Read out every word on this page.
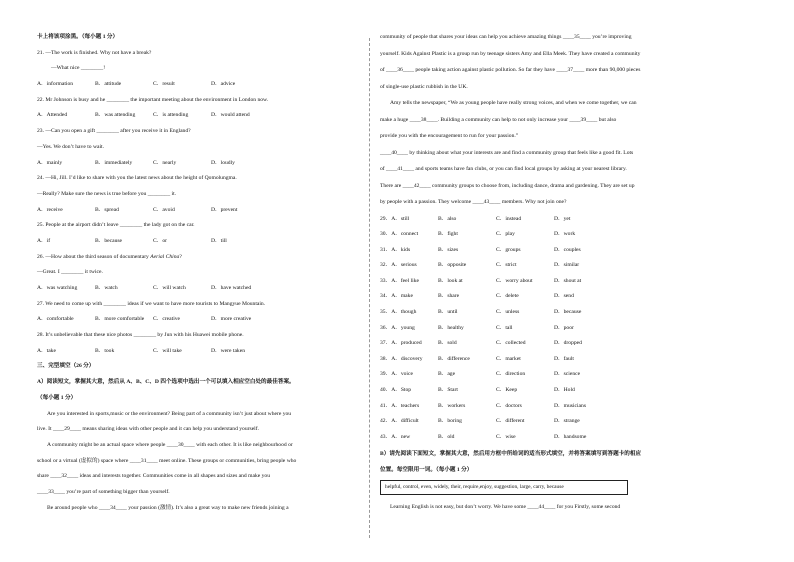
卡上将该项涂黑。（每小题 1 分）
21. —The work is finished. Why not have a break?
—What nice ________!
A．information	B．attitude	C．result	D．advice
22. Mr Johnson is busy and he ________ the important meeting about the environment in London now.
A．Attended	B．was attending	C．is attending	D．would attend
23. —Can you open a gift ________ after you receive it in England?
—Yes. We don’t have to wait.
A．mainly	B．immediately	C．nearly	D．loudly
24. —Hi, Jill. I’d like to share with you the latest news about the height of Qomolungma.
—Really? Make sure the news is true before you ________ it.
A．receive	B．spread	C．avoid	D．prevent
25. People at the airport didn’t leave ________ the lady got on the car.
A．if	B．because	C．or	D．till
26. —How about the third season of documentary Aerial China?
—Great. I ________ it twice.
A．was watching	B．watch	C．will watch	D．have watched
27. We need to come up with ________ ideas if we want to have more tourists to Mangyue Mountain.
A．comfortable	B．more comfortable	C．creative	D．more creative
28. It’s unbelievable that these nice photos ________ by Jun with his Huawei mobile phone.
A．take	B．took	C．will take	D．were taken
三、完型填空（26 分）
A）阅读短文，掌握其大意，然后从 A、B、C、D 四个选项中选出一个可以填入相应空白处的最佳答案。
（每小题 1 分）
Are you interested in sports,music or the environment? Being part of a community isn’t just about where you
live. It ____29____ means sharing ideas with other people and it can help you understand yourself.
A community might be an actual space where people ____30____ with each other. It is like neighbourhood or
school or a virtual (虚拟的) space where ____31____ meet online. These groups or communities, bring people who
share ____32____ ideas and interests together. Communities come in all shapes and sizes and make you
____33____ you’re part of something bigger than yourself.
Be around people who ____34____ your passion (激情). It’s also a great way to make new friends joining a
community of people that shares your ideas can help you achieve amazing things ____35____ you’re improving
yourself. Kids Against Plastic is a group run by teenage sisters Amy and Ella Meek. They have created a community
of ____36____ people taking action against plastic pollution. So far they have ____37____ more than 90,000 pieces
of single-use plastic rubbish in the UK.
Amy tells the newspaper, “We as young people have really strong voices, and when we come together, we can
make a huge ____38____. Building a community can help to not only increase your ____39____ but also
provide you with the encouragement to run for your passion.”
____40____ by thinking about what your interests are and find a community group that feels like a good fit. Lots
of ____41____ and sports teams have fan clubs, or you can find local groups by asking at your nearest library.
There are ____42____ community groups to choose from, including dance, drama and gardening. They are set up
by people with a passion. They welcome ____43____ members. Why not join one?
29．A．still	B．also	C．instead	D．yet
30．A．connect	B．fight	C．play	D．work
31．A．kids	B．sizes	C．groups	D．couples
32．A．serious	B．opposite	C．strict	D．similar
33．A．feel like	B．look at	C．worry about	D．shout at
34．A．make	B．share	C．delete	D．send
35．A．though	B．until	C．unless	D．because
36．A．young	B．healthy	C．tall	D．poor
37．A．produced	B．sold	C．collected	D．dropped
38．A．discovery	B．difference	C．market	D．fault
39．A．voice	B．age	C．direction	D．science
40．A．Stop	B．Start	C．Keep	D．Hold
41．A．teachers	B．workers	C．doctors	D．musicians
42．A．difficult	B．boring	C．different	D．strange
43．A．new	B．old	C．wise	D．handsome
B）请先阅读下面短文，掌握其大意，然后用方框中所给词的适当形式填空，并将答案填写到答题卡的相应
位置。每空限用一词。（每小题 1 分）
helpful, control, even, widely, their, require,enjoy, suggestion, large, carry, because
Learning English is not easy, but don’t worry. We have some ____44____ for you Firstly, some second
